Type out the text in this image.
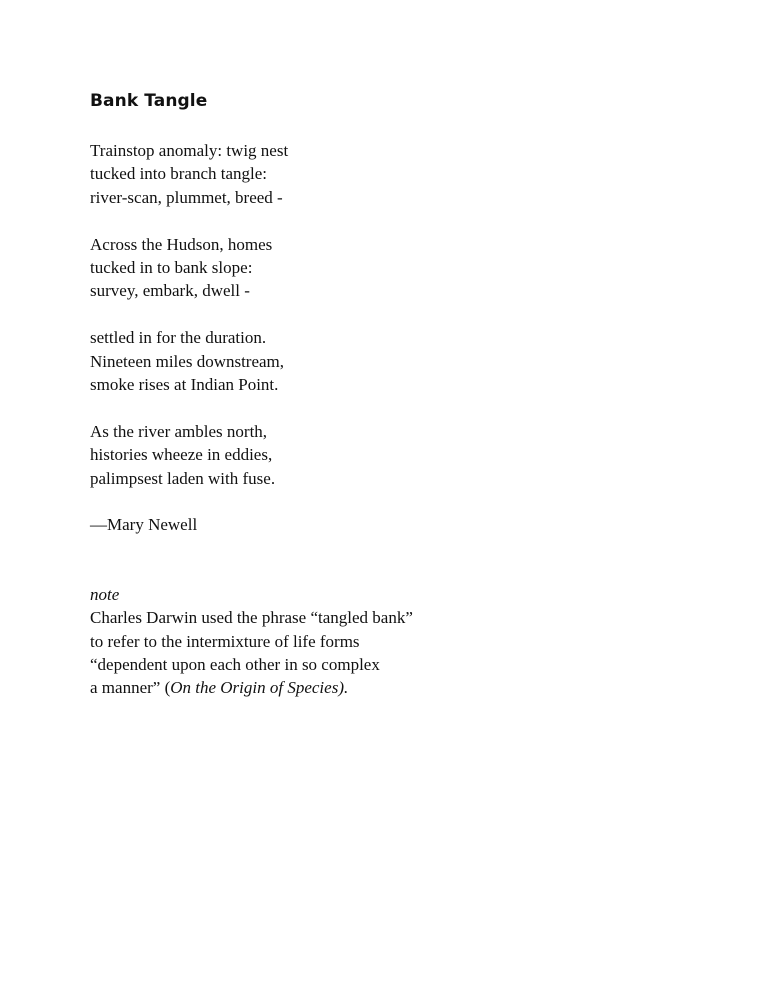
Bank Tangle
Trainstop anomaly: twig nest
tucked into branch tangle:
river-scan, plummet, breed -
Across the Hudson, homes
tucked in to bank slope:
survey, embark, dwell -
settled in for the duration.
Nineteen miles downstream,
smoke rises at Indian Point.
As the river ambles north,
histories wheeze in eddies,
palimpsest laden with fuse.
—Mary Newell
note
Charles Darwin used the phrase “tangled bank”
to refer to the intermixture of life forms
“dependent upon each other in so complex
a manner” (On the Origin of Species).
